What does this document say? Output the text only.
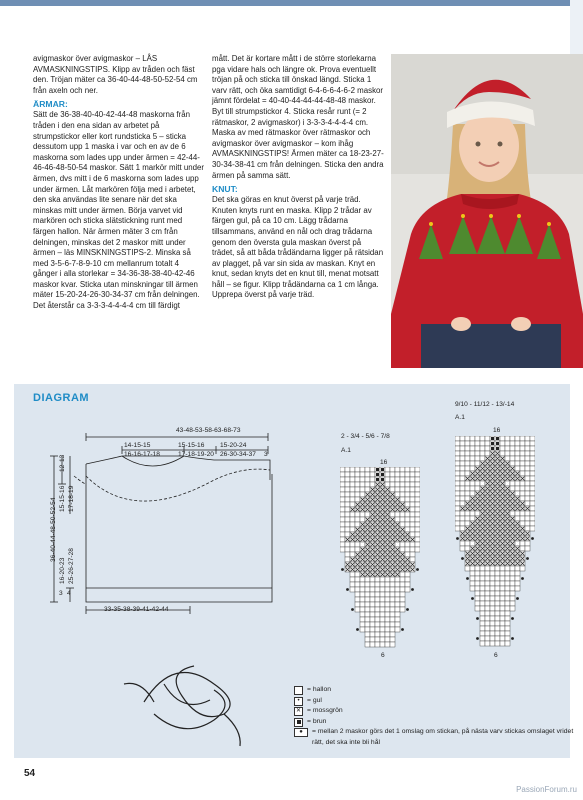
avigmaskor över avigmaskor – LÅS AVMASKNINGSTIPS. Klipp av tråden och fäst den. Tröjan mäter ca 36-40-44-48-50-52-54 cm från axeln och ner.

ÄRMAR:

Sätt de 36-38-40-40-42-44-48 maskorna från tråden i den ena sidan av arbetet på strumpstickor eller kort rundsticka 5 – sticka dessutom upp 1 maska i var och en av de 6 maskorna som lades upp under ärmen = 42-44-46-46-48-50-54 maskor. Sätt 1 markör mitt under ärmen, dvs mitt i de 6 maskorna som lades upp under ärmen. Låt markören följa med i arbetet, den ska användas lite senare när det ska minskas mitt under ärmen. Börja varvet vid markören och sticka slätstickning runt med färgen hallon. När ärmen mäter 3 cm från delningen, minskas det 2 maskor mitt under ärmen – läs MINSKNINGSTIPS-2. Minska så med 3-5-6-7-8-9-10 cm mellanrum totalt 4 gånger i alla storlekar = 34-36-38-38-40-42-46 maskor kvar. Sticka utan minskningar till ärmen mäter 15-20-24-26-30-34-37 cm från delningen. Det återstår ca 3-3-3-4-4-4-4 cm till färdigt

mått. Det är kortare mått i de större storlekarna pga vidare hals och längre ok. Prova eventuellt tröjan på och sticka till önskad längd. Sticka 1 varv rätt, och öka samtidigt 6-4-6-6-4-6-2 maskor jämnt fördelat = 40-40-44-44-44-48-48 maskor. Byt till strumpstickor 4. Sticka resår runt (= 2 rätmaskor, 2 avigmaskor) i 3-3-3-4-4-4-4 cm. Maska av med rätmaskor över rätmaskor och avigmaskor över avigmaskor – kom ihåg AVMASKNINGSTIPS! Ärmen mäter ca 18-23-27-30-34-38-41 cm från delningen. Sticka den andra ärmen på samma sätt.

KNUT:

Det ska göras en knut överst på varje träd. Knuten knyts runt en maska. Klipp 2 trådar av färgen gul, på ca 10 cm. Lägg trådarna tillsammans, använd en nål och drag trådarna genom den översta gula maskan överst på trädet, så att båda trådändarna ligger på rätsidan av plagget, på var sin sida av maskan. Knyt en knut, sedan knyts det en knut till, menat motsatt håll – se figur. Klipp trådändarna ca 1 cm långa. Upprepa överst på varje träd.

DIAGRAM
43-48-53-58-63-68-73
14-15-15
16-16-17-18
15-15-16
17-18-19-20
15-20-24
26-30-34-37 3
12
13
15-15-16 17-18-19
36-40-44-48-50-52-54
16-20-23 25-26-27-28
3 4
33-35-38-39-41-42-44
2 - 3/4 - 5/6 - 7/8
A.1
16
6
9/10 - 11/12 - 13/-14
A.1
16
6
= hallon
•	= gul
✕ = mossgrön
= brun
●	= mellan 2 maskor görs det 1 omslag om stickan, på nästa varv stickas omslaget vridet rätt, det ska inte bli hål
54
PassionForum.ru
